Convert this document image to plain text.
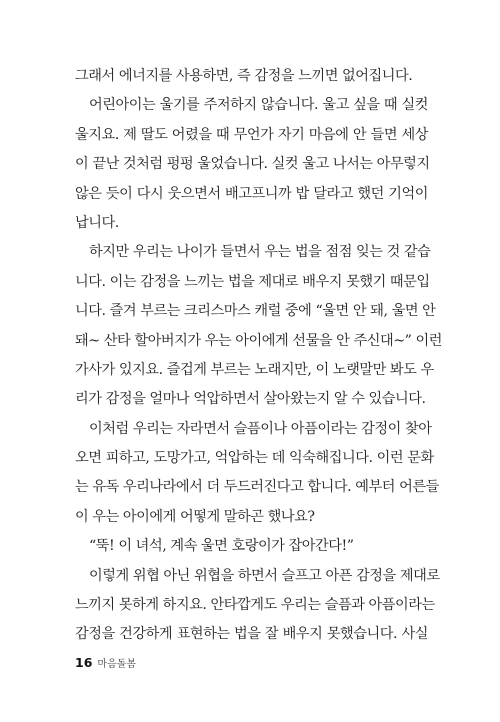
그래서 에너지를 사용하면, 즉 감정을 느끼면 없어집니다.
어린아이는 울기를 주저하지 않습니다. 울고 싶을 때 실컷
울지요. 제 딸도 어렸을 때 무언가 자기 마음에 안 들면 세상
이 끝난 것처럼 펑펑 울었습니다. 실컷 울고 나서는 아무렇지
않은 듯이 다시 웃으면서 배고프니까 밥 달라고 했던 기억이
납니다.
하지만 우리는 나이가 들면서 우는 법을 점점 잊는 것 같습
니다. 이는 감정을 느끼는 법을 제대로 배우지 못했기 때문입
니다. 즐겨 부르는 크리스마스 캐럴 중에 “울면 안 돼, 울면 안
돼~ 산타 할아버지가 우는 아이에게 선물을 안 주신대~” 이런
가사가 있지요. 즐겁게 부르는 노래지만, 이 노랫말만 봐도 우
리가 감정을 얼마나 억압하면서 살아왔는지 알 수 있습니다.
이처럼 우리는 자라면서 슬픔이나 아픔이라는 감정이 찾아
오면 피하고, 도망가고, 억압하는 데 익숙해집니다. 이런 문화
는 유독 우리나라에서 더 두드러진다고 합니다. 예부터 어른들
이 우는 아이에게 어떻게 말하곤 했나요?
“뚝! 이 녀석, 계속 울면 호랑이가 잡아간다!”
이렇게 위협 아닌 위협을 하면서 슬프고 아픈 감정을 제대로
느끼지 못하게 하지요. 안타깝게도 우리는 슬픔과 아픔이라는
감정을 건강하게 표현하는 법을 잘 배우지 못했습니다. 사실
16 마음돌봄
